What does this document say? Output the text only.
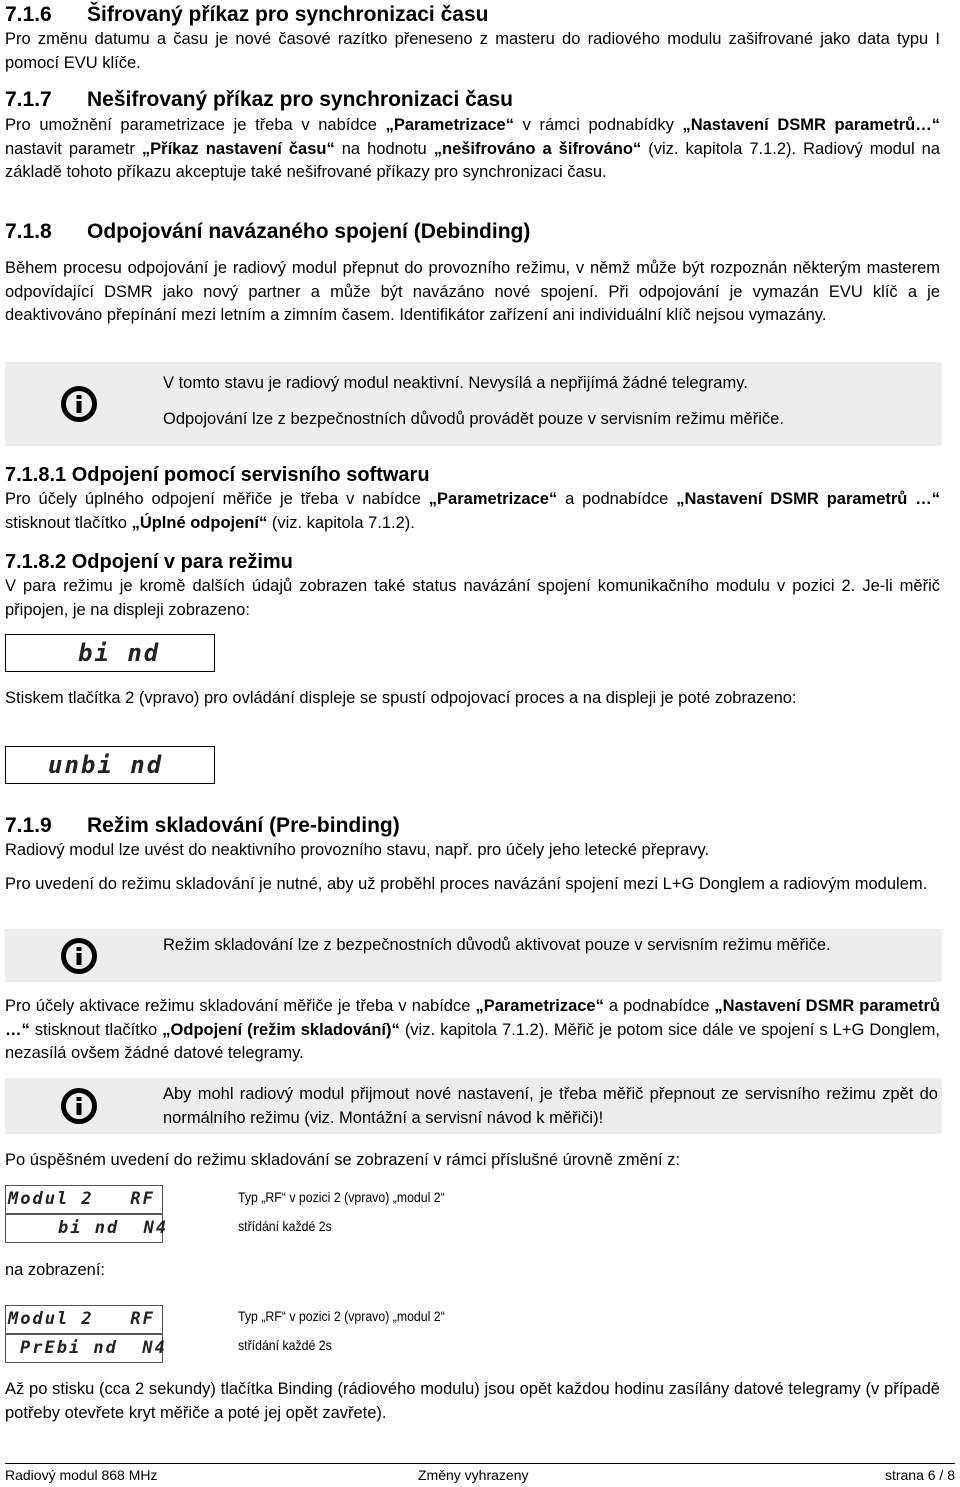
7.1.6 Šifrovaný příkaz pro synchronizaci času

Pro změnu datumu a času je nové časové razítko přeneseno z masteru do radiového modulu zašifrované jako data typu I pomocí EVU klíče.

7.1.7 Nešifrovaný příkaz pro synchronizaci času

Pro umožnění parametrizace je třeba v nabídce „Parametrizace“ v rámci podnabídky „Nastavení DSMR parametrů…“ nastavit parametr „Příkaz nastavení času“ na hodnotu „nešifrováno a šifrováno“ (viz. kapitola 7.1.2). Radiový modul na základě tohoto příkazu akceptuje také nešifrované příkazy pro synchronizaci času.

7.1.8 Odpojování navázaného spojení (Debinding)

Během procesu odpojování je radiový modul přepnut do provozního režimu, v němž může být rozpoznán některým masterem odpovídající DSMR jako nový partner a může být navázáno nové spojení. Při odpojování je vymazán EVU klíč a je deaktivováno přepínání mezi letním a zimním časem. Identifikátor zařízení ani individuální klíč nejsou vymazány.

V tomto stavu je radiový modul neaktivní. Nevysílá a nepřijímá žádné telegramy.
Odpojování lze z bezpečnostních důvodů provádět pouze v servisním režimu měřiče.
7.1.8.1 Odpojení pomocí servisního softwaru

Pro účely úplného odpojení měřiče je třeba v nabídce „Parametrizace“ a podnabídce „Nastavení DSMR parametrů …“ stisknout tlačítko „Úplné odpojení“ (viz. kapitola 7.1.2).

7.1.8.2 Odpojení v para režimu

V para režimu je kromě dalších údajů zobrazen také status navázání spojení komunikačního modulu v pozici 2. Je-li měřič připojen, je na displeji zobrazeno:

bi nd

Stiskem tlačítka 2 (vpravo) pro ovládání displeje se spustí odpojovací proces a na displeji je poté zobrazeno:

unbi nd
7.1.9 Režim skladování (Pre-binding)

Radiový modul lze uvést do neaktivního provozního stavu, např. pro účely jeho letecké přepravy.

Pro uvedení do režimu skladování je nutné, aby už proběhl proces navázání spojení mezi L+G Donglem a radiovým modulem.

Režim skladování lze z bezpečnostních důvodů aktivovat pouze v servisním režimu měřiče.

Pro účely aktivace režimu skladování měřiče je třeba v nabídce „Parametrizace“ a podnabídce „Nastavení DSMR parametrů …“ stisknout tlačítko „Odpojení (režim skladování)“ (viz. kapitola 7.1.2). Měřič je potom sice dále ve spojení s L+G Donglem, nezasílá ovšem žádné datové telegramy.

Aby mohl radiový modul přijmout nové nastavení, je třeba měřič přepnout ze servisního režimu zpět do normálního režimu (viz. Montážní a servisní návod k měřiči)!

Po úspěšném uvedení do režimu skladování se zobrazení v rámci příslušné úrovně změní z:

Modul 2   RF
bi nd  N4
Typ „RF“ v pozici 2 (vpravo) „modul 2“
střídání každé 2s

na zobrazení:

Modul 2   RF
PrEbi nd  N4
Typ „RF“ v pozici 2 (vpravo) „modul 2“
střídání každé 2s

Až po stisku (cca 2 sekundy) tlačítka Binding (rádiového modulu) jsou opět každou hodinu zasílány datové telegramy (v případě potřeby otevřete kryt měřiče a poté jej opět zavřete).

Radiový modul 868 MHz	Změny vyhrazeny	strana 6 / 8
